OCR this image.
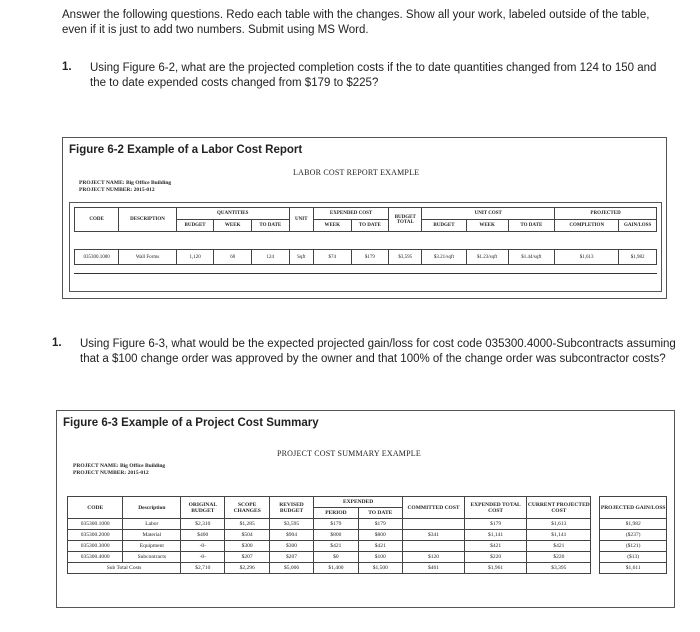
Answer the following questions. Redo each table with the changes. Show all your work, labeled outside of the table, even if it is just to add two numbers. Submit using MS Word.
1. Using Figure 6-2, what are the projected completion costs if the to date quantities changed from 124 to 150 and the to date expended costs changed from $179 to $225?
Figure 6-2 Example of a Labor Cost Report
LABOR COST REPORT EXAMPLE
PROJECT NAME: Big Office Building
PROJECT NUMBER: 2015-012
CODE	DESCRIPTION	QUANTITIES			UNIT	EXPENDED COST		BUDGET TOTAL	UNIT COST			PROJECTED	
		BUDGET	WEEK	TO DATE		WEEK	TO DATE		BUDGET	WEEK	TO DATE	COMPLETION	GAIN/LOSS
035300.1000	Wall Forms	1,120	60	124	Sqft	$74	$179	$3,595	$3.21/sqft	$1.23/sqft	$1.44/sqft	$1,613	$1,982
1. Using Figure 6-3, what would be the expected projected gain/loss for cost code 035300.4000-Subcontracts assuming that a $100 change order was approved by the owner and that 100% of the change order was subcontractor costs?
Figure 6-3 Example of a Project Cost Summary
PROJECT COST SUMMARY EXAMPLE
PROJECT NAME: Big Office Building
PROJECT NUMBER: 2015-012
CODE	Description	ORIGINAL BUDGET	SCOPE CHANGES	REVISED BUDGET	EXPENDED		COMMITTED COST	EXPENDED TOTAL COST	CURRENT PROJECTED COST		PROJECTED GAIN/LOSS
					PERIOD	TO DATE					
035300.1000	Labor	$2,310	$1,285	$3,595	$179	$179		$179	$1,613		$1,982
035300.2000	Material	$400	$504	$904	$800	$800	$341	$1,141	$1,141		($237)
035300.3000	Equipment	-0-	$300	$300	$421	$421		$421	$421		($121)
035300.4000	Subcontracts	-0-	$207	$207	$0	$100	$120	$220	$220		($13)
Sub Total Costs		$2,710	$2,296	$5,006	$1,400	$1,500	$461	$1,961	$3,395		$1,611
